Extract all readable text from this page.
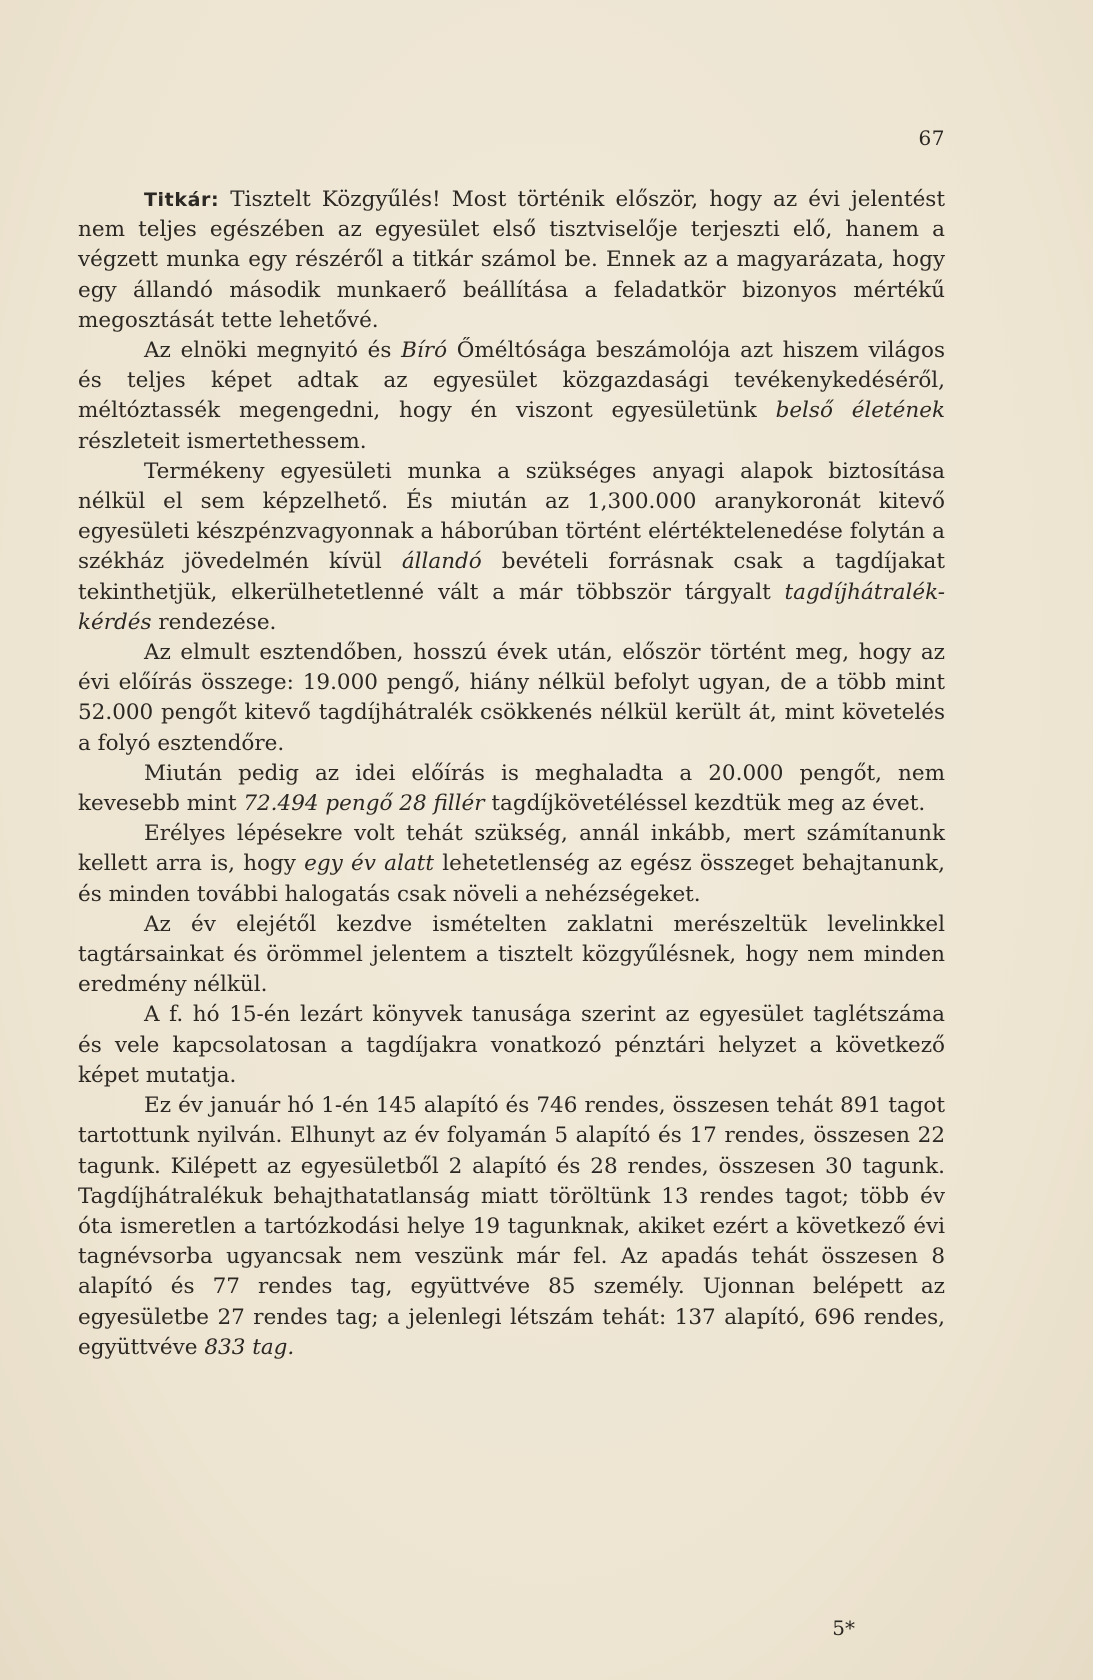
67

Titkár: Tisztelt Közgyűlés! Most történik először, hogy az évi jelentést nem teljes egészében az egyesület első tisztviselője terjeszti elő, hanem a végzett munka egy részéről a titkár számol be. Ennek az a magyarázata, hogy egy állandó második munkaerő beállítása a feladatkör bizonyos mértékű megosztását tette lehetővé.

Az elnöki megnyitó és Bíró Őméltósága beszámolója azt hiszem világos és teljes képet adtak az egyesület közgazdasági tevékenykedéséről, méltóztassék megengedni, hogy én viszont egyesületünk belső életének részleteit ismertethessem.

Termékeny egyesületi munka a szükséges anyagi alapok biztosítása nélkül el sem képzelhető. És miután az 1,300.000 aranykoronát kitevő egyesületi készpénzvagyonnak a háborúban történt elértéktelenedése folytán a székház jövedelmén kívül állandó bevételi forrásnak csak a tagdíjakat tekinthetjük, elkerülhetetlenné vált a már többször tárgyalt tagdíjhátralék-kérdés rendezése.

Az elmult esztendőben, hosszú évek után, először történt meg, hogy az évi előírás összege: 19.000 pengő, hiány nélkül befolyt ugyan, de a több mint 52.000 pengőt kitevő tagdíjhátralék csökkenés nélkül került át, mint követelés a folyó esztendőre.

Miután pedig az idei előírás is meghaladta a 20.000 pengőt, nem kevesebb mint 72.494 pengő 28 fillér tagdíjkövetéléssel kezdtük meg az évet.

Erélyes lépésekre volt tehát szükség, annál inkább, mert számítanunk kellett arra is, hogy egy év alatt lehetetlenség az egész összeget behajtanunk, és minden további halogatás csak növeli a nehézségeket.

Az év elejétől kezdve ismételten zaklatni merészeltük levelinkkel tagtársainkat és örömmel jelentem a tisztelt közgyűlésnek, hogy nem minden eredmény nélkül.

A f. hó 15-én lezárt könyvek tanusága szerint az egyesület taglétszáma és vele kapcsolatosan a tagdíjakra vonatkozó pénztári helyzet a következő képet mutatja.

Ez év január hó 1-én 145 alapító és 746 rendes, összesen tehát 891 tagot tartottunk nyilván. Elhunyt az év folyamán 5 alapító és 17 rendes, összesen 22 tagunk. Kilépett az egyesületből 2 alapító és 28 rendes, összesen 30 tagunk. Tagdíjhátralékuk behajthatatlanság miatt töröltünk 13 rendes tagot; több év óta ismeretlen a tartózkodási helye 19 tagunknak, akiket ezért a következő évi tagnévsorba ugyancsak nem veszünk már fel. Az apadás tehát összesen 8 alapító és 77 rendes tag, együttvéve 85 személy. Ujonnan belépett az egyesületbe 27 rendes tag; a jelenlegi létszám tehát: 137 alapító, 696 rendes, együttvéve 833 tag.

5*
